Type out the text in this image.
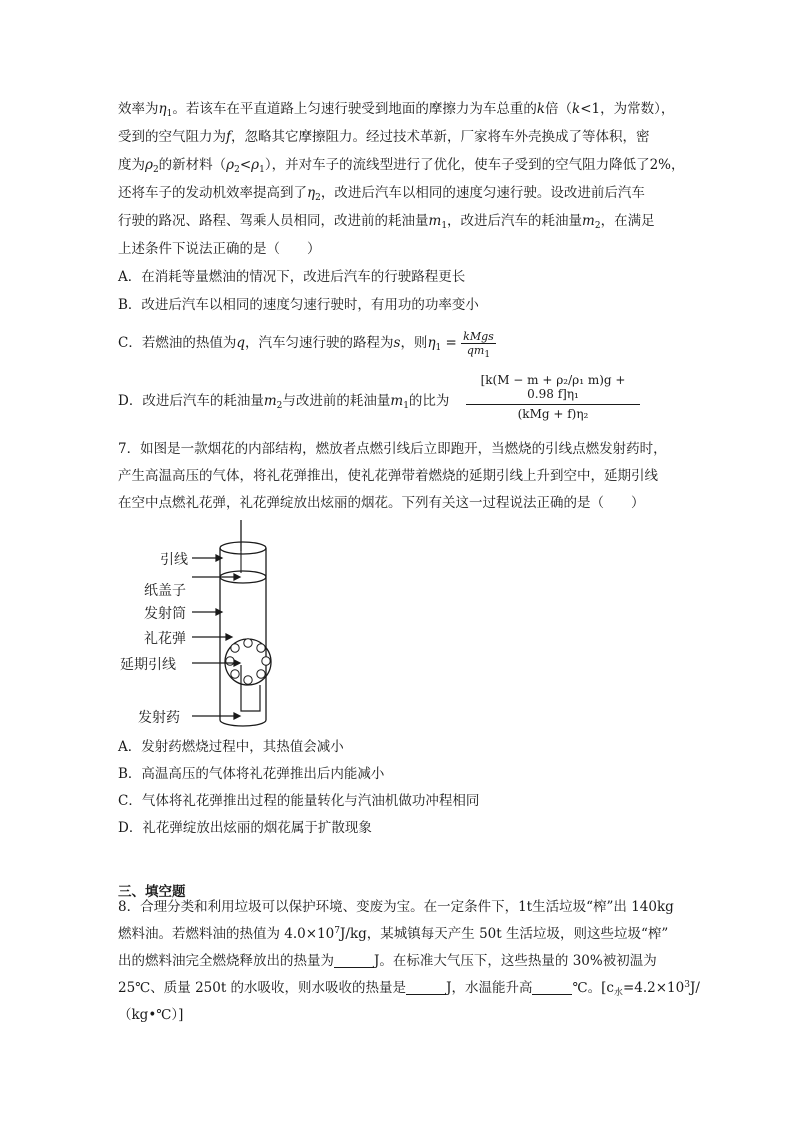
效率为$\eta_1$。若该车在平直道路上匀速行驶受到地面的摩擦力为车总重的k倍（k<1，为常数），
受到的空气阻力为f，忽略其它摩擦阻力。经过技术革新，厂家将车外壳换成了等体积，密
度为$\rho_2$的新材料$(\rho_2<\rho_1)$，并对车子的流线型进行了优化，使车子受到的空气阻力降低了2%，
还将车子的发动机效率提高到了$\eta_2$，改进后汽车以相同的速度匀速行驶。设改进前后汽车
行驶的路况、路程、驾乘人员相同，改进前的耗油量$m_1$，改进后汽车的耗油量$m_2$，在满足
上述条件下说法正确的是（　　）
A．在消耗等量燃油的情况下，改进后汽车的行驶路程更长
B．改进后汽车以相同的速度匀速行驶时，有用功的功率变小
C．若燃油的热值为q，汽车匀速行驶的路程为s，则$\eta_1 = \frac{\text{kMgs}}{qm_1}$
D．改进后汽车的耗油量$m_2$与改进前的耗油量$m_1$的比为
[k(M − m + ρ₂/ρ₁ m)g + 0.98 f]η₁
(kMg + f)η₂
7．如图是一款烟花的内部结构，燃放者点燃引线后立即跑开，当燃烧的引线点燃发射药时，
产生高温高压的气体，将礼花弹推出，使礼花弹带着燃烧的延期引线上升到空中，延期引线
在空中点燃礼花弹，礼花弹绽放出炫丽的烟花。下列有关这一过程说法正确的是（　　）
引线
纸盖子
发射筒
礼花弹
延期引线
发射药
A．发射药燃烧过程中，其热值会减小
B．高温高压的气体将礼花弹推出后内能减小
C．气体将礼花弹推出过程的能量转化与汽油机做功冲程相同
D．礼花弹绽放出炫丽的烟花属于扩散现象
三、填空题
8．合理分类和利用垃圾可以保护环境、变废为宝。在一定条件下，1t生活垃圾“榨”出 140kg
燃料油。若燃料油的热值为 $4.0\times 10^7J/kg$，某城镇每天产生 50t 生活垃圾，则这些垃圾“榨”
出的燃料油完全燃烧释放出的热量为	J。在标准大气压下，这些热量的 30%被初温为
25℃、质量 250t 的水吸收，则水吸收的热量是	J，水温能升高	℃。[$c_水=4.2\times 10^3J/$
（kg•℃）]
